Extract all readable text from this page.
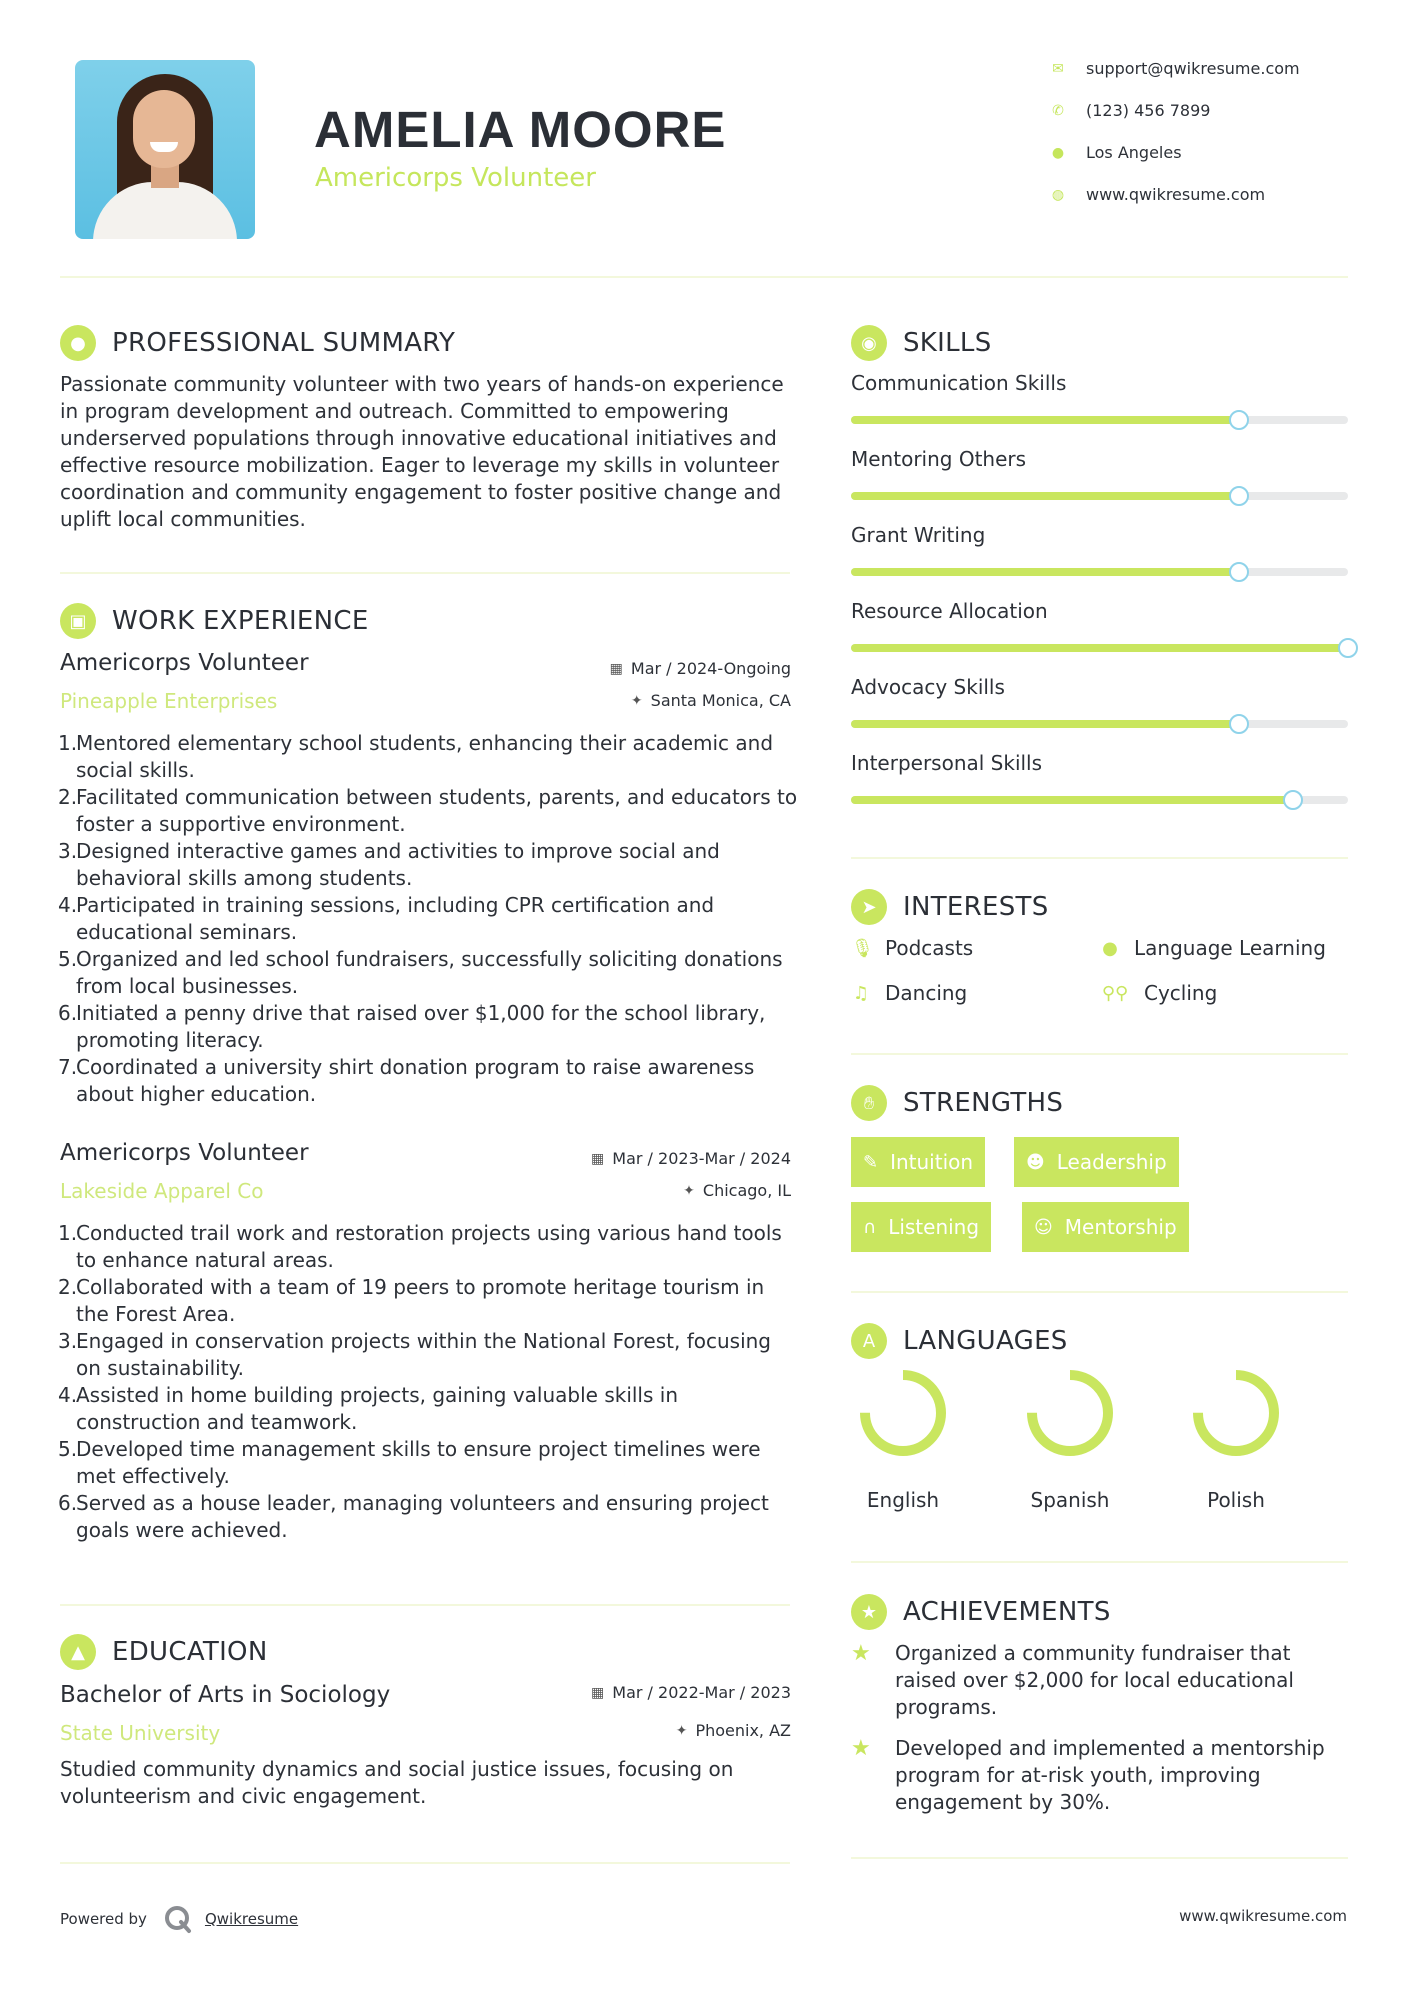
AMELIA MOORE
Americorps Volunteer
✉ support@qwikresume.com
✆ (123) 456 7899
● Los Angeles
◍ www.qwikresume.com
●	PROFESSIONAL SUMMARY
Passionate community volunteer with two years of hands-on experience in program development and outreach. Committed to empowering underserved populations through innovative educational initiatives and effective resource mobilization. Eager to leverage my skills in volunteer coordination and community engagement to foster positive change and uplift local communities.
▣ WORK EXPERIENCE
Americorps Volunteer
Pineapple Enterprises
▦ Mar / 2024-Ongoing
✦ Santa Monica, CA
1.
Mentored elementary school students, enhancing their academic and social skills.
2.
Facilitated communication between students, parents, and educators to foster a supportive environment.
3.
Designed interactive games and activities to improve social and behavioral skills among students.
4.
Participated in training sessions, including CPR certification and educational seminars.
5.
Organized and led school fundraisers, successfully soliciting donations from local businesses.
6.
Initiated a penny drive that raised over $1,000 for the school library, promoting literacy.
7.
Coordinated a university shirt donation program to raise awareness about higher education.
Americorps Volunteer
Lakeside Apparel Co
▦ Mar / 2023-Mar / 2024
✦ Chicago, IL
1.
Conducted trail work and restoration projects using various hand tools to enhance natural areas.
2.
Collaborated with a team of 19 peers to promote heritage tourism in the Forest Area.
3.
Engaged in conservation projects within the National Forest, focusing on sustainability.
4.
Assisted in home building projects, gaining valuable skills in construction and teamwork.
5.
Developed time management skills to ensure project timelines were met effectively.
6.
Served as a house leader, managing volunteers and ensuring project goals were achieved.
▲	EDUCATION
Bachelor of Arts in Sociology
State University
▦ Mar / 2022-Mar / 2023
✦ Phoenix, AZ
Studied community dynamics and social justice issues, focusing on volunteerism and civic engagement.
◉	SKILLS
Communication Skills
Mentoring Others
Grant Writing
Resource Allocation
Advocacy Skills
Interpersonal Skills
➤	INTERESTS
🎙︎ Podcasts	● Language Learning
♫ Dancing	⚲⚲ Cycling
✋︎	STRENGTHS
✎ Intuition	☻ Leadership
∩ Listening	☺ Mentorship
A	LANGUAGES
English	Spanish	Polish
★ ACHIEVEMENTS
★	Organized a community fundraiser that raised over $2,000 for local educational programs.
★	Developed and implemented a mentorship program for at-risk youth, improving engagement by 30%.
Powered by	Qwikresume	www.qwikresume.com
